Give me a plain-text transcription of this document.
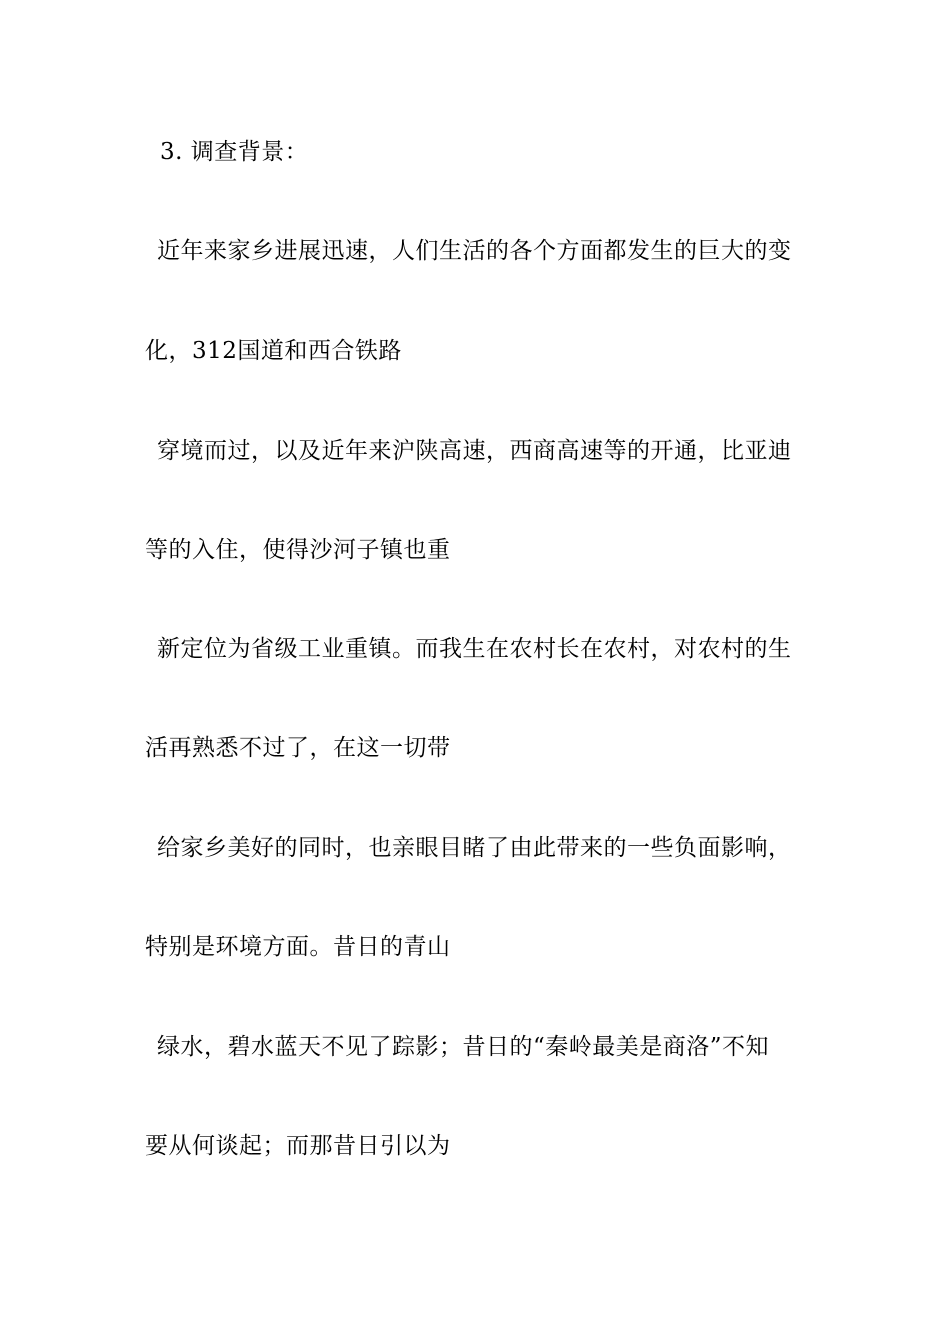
3. 调查背景：
近年来家乡进展迅速，人们生活的各个方面都发生的巨大的变
化，312国道和西合铁路
穿境而过，以及近年来沪陕高速，西商高速等的开通，比亚迪
等的入住，使得沙河子镇也重
新定位为省级工业重镇。而我生在农村长在农村，对农村的生
活再熟悉不过了，在这一切带
给家乡美好的同时，也亲眼目睹了由此带来的一些负面影响，
特别是环境方面。昔日的青山
绿水，碧水蓝天不见了踪影；昔日的“秦岭最美是商洛”不知
要从何谈起；而那昔日引以为
